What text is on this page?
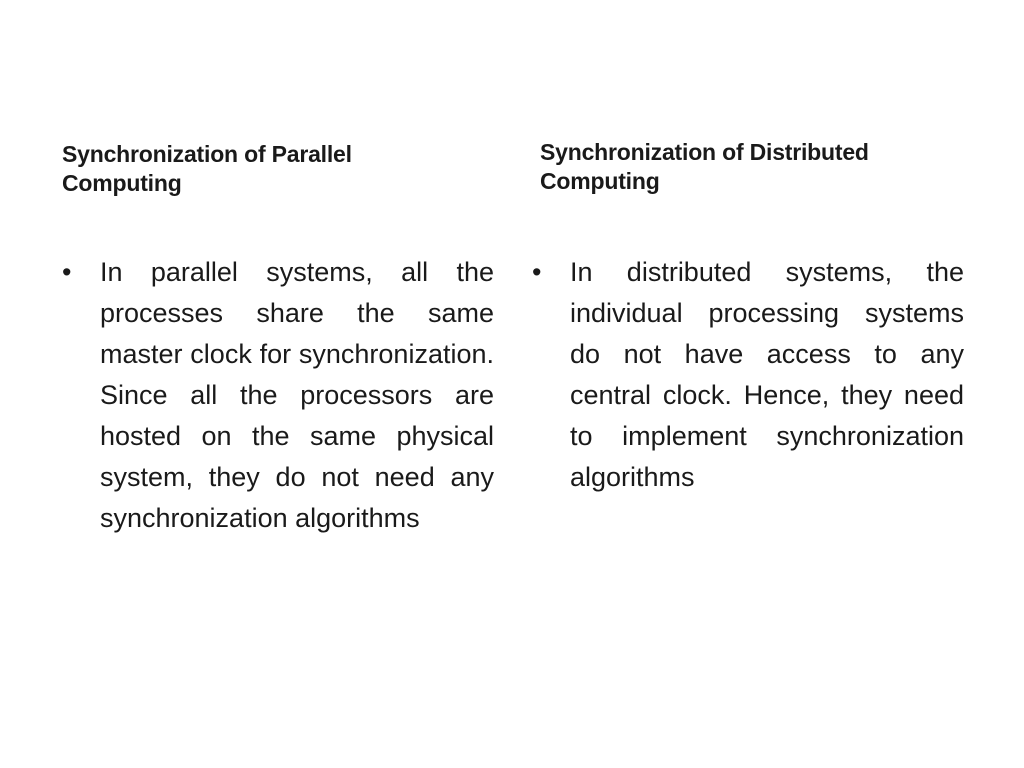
Synchronization of Parallel Computing
•	In parallel systems, all the processes share the same master clock for synchronization. Since all the processors are hosted on the same physical system, they do not need any synchronization algorithms
Synchronization of Distributed Computing
•	In distributed systems, the individual processing systems do not have access to any central clock. Hence, they need to implement synchronization algorithms
